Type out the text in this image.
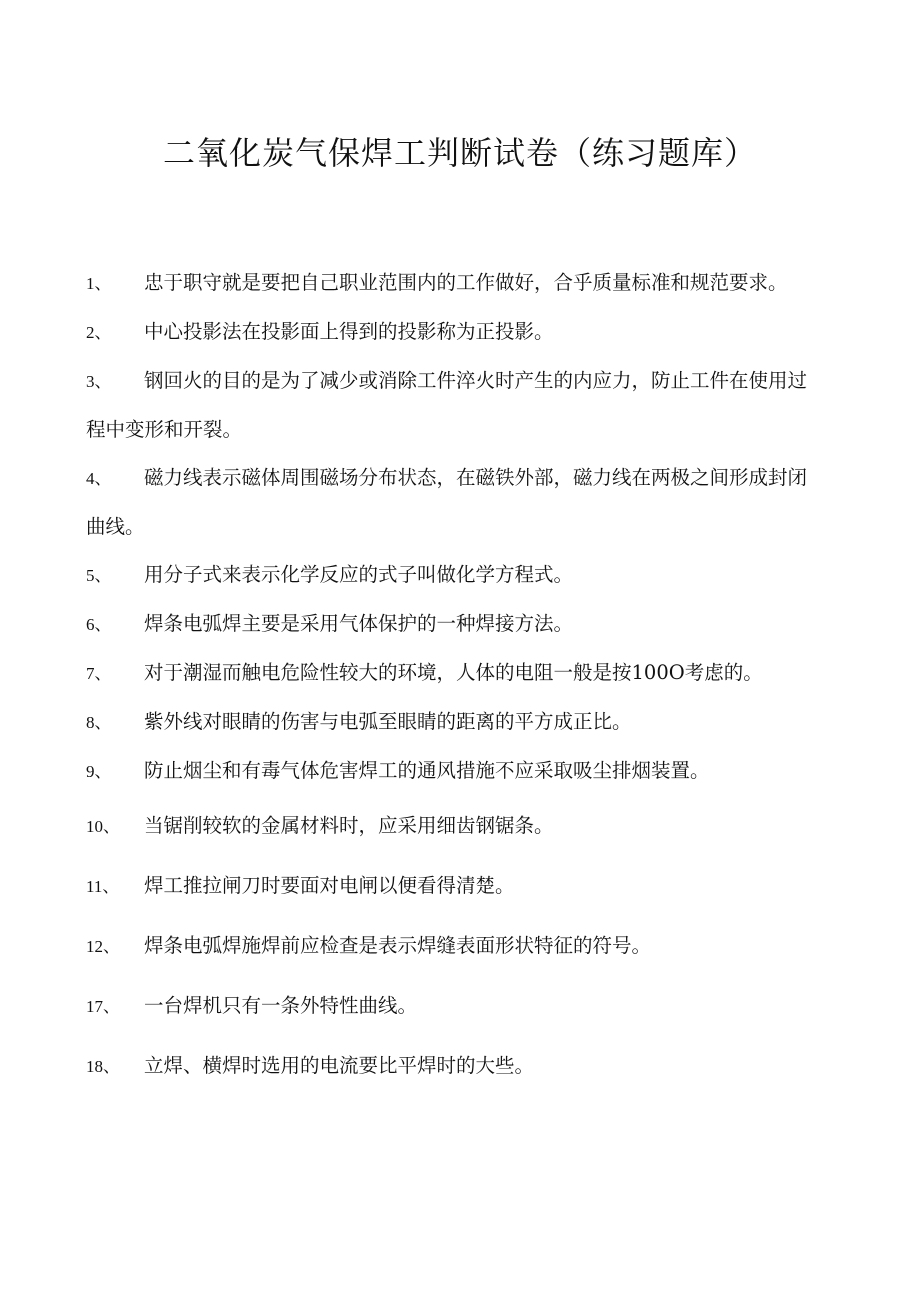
二氧化炭气保焊工判断试卷（练习题库）
1、 忠于职守就是要把自己职业范围内的工作做好，合乎质量标准和规范要求。
2、 中心投影法在投影面上得到的投影称为正投影。
3、 钢回火的目的是为了减少或消除工件淬火时产生的内应力，防止工件在使用过程中变形和开裂。
4、 磁力线表示磁体周围磁场分布状态，在磁铁外部，磁力线在两极之间形成封闭曲线。
5、 用分子式来表示化学反应的式子叫做化学方程式。
6、 焊条电弧焊主要是采用气体保护的一种焊接方法。
7、 对于潮湿而触电危险性较大的环境，人体的电阻一般是按100O考虑的。
8、 紫外线对眼睛的伤害与电弧至眼睛的距离的平方成正比。
9、 防止烟尘和有毒气体危害焊工的通风措施不应采取吸尘排烟装置。
10、 当锯削较软的金属材料时，应采用细齿钢锯条。
11、 焊工推拉闸刀时要面对电闸以便看得清楚。
12、 焊条电弧焊施焊前应检查是表示焊缝表面形状特征的符号。
17、 一台焊机只有一条外特性曲线。
18、 立焊、横焊时选用的电流要比平焊时的大些。
